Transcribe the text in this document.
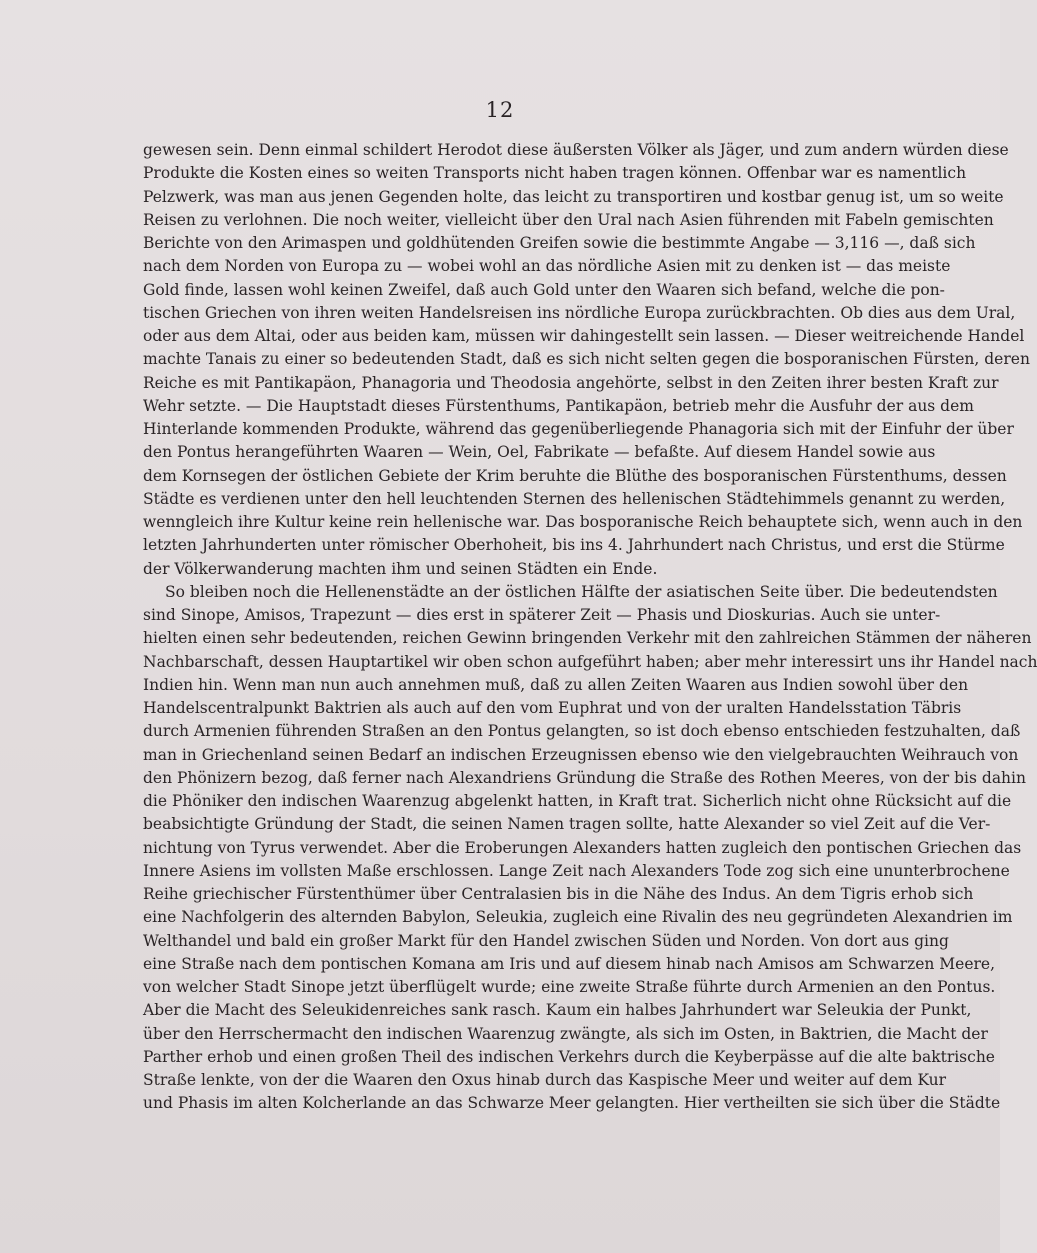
12
gewesen sein. Denn einmal schildert Herodot diese äußersten Völker als Jäger, und zum andern würden diese
Produkte die Kosten eines so weiten Transports nicht haben tragen können. Offenbar war es namentlich
Pelzwerk, was man aus jenen Gegenden holte, das leicht zu transportiren und kostbar genug ist, um so weite
Reisen zu verlohnen. Die noch weiter, vielleicht über den Ural nach Asien führenden mit Fabeln gemischten
Berichte von den Arimaspen und goldhütenden Greifen sowie die bestimmte Angabe — 3,116 —, daß sich
nach dem Norden von Europa zu — wobei wohl an das nördliche Asien mit zu denken ist — das meiste
Gold finde, lassen wohl keinen Zweifel, daß auch Gold unter den Waaren sich befand, welche die pon-
tischen Griechen von ihren weiten Handelsreisen ins nördliche Europa zurückbrachten. Ob dies aus dem Ural,
oder aus dem Altai, oder aus beiden kam, müssen wir dahingestellt sein lassen. — Dieser weitreichende Handel
machte Tanais zu einer so bedeutenden Stadt, daß es sich nicht selten gegen die bosporanischen Fürsten, deren
Reiche es mit Pantikapäon, Phanagoria und Theodosia angehörte, selbst in den Zeiten ihrer besten Kraft zur
Wehr setzte. — Die Hauptstadt dieses Fürstenthums, Pantikapäon, betrieb mehr die Ausfuhr der aus dem
Hinterlande kommenden Produkte, während das gegenüberliegende Phanagoria sich mit der Einfuhr der über
den Pontus herangeführten Waaren — Wein, Oel, Fabrikate — befaßte. Auf diesem Handel sowie aus
dem Kornsegen der östlichen Gebiete der Krim beruhte die Blüthe des bosporanischen Fürstenthums, dessen
Städte es verdienen unter den hell leuchtenden Sternen des hellenischen Städtehimmels genannt zu werden,
wenngleich ihre Kultur keine rein hellenische war. Das bosporanische Reich behauptete sich, wenn auch in den
letzten Jahrhunderten unter römischer Oberhoheit, bis ins 4. Jahrhundert nach Christus, und erst die Stürme
der Völkerwanderung machten ihm und seinen Städten ein Ende.
So bleiben noch die Hellenenstädte an der östlichen Hälfte der asiatischen Seite über. Die bedeutendsten
sind Sinope, Amisos, Trapezunt — dies erst in späterer Zeit — Phasis und Dioskurias. Auch sie unter-
hielten einen sehr bedeutenden, reichen Gewinn bringenden Verkehr mit den zahlreichen Stämmen der näheren
Nachbarschaft, dessen Hauptartikel wir oben schon aufgeführt haben; aber mehr interessirt uns ihr Handel nach
Indien hin. Wenn man nun auch annehmen muß, daß zu allen Zeiten Waaren aus Indien sowohl über den
Handelscentralpunkt Baktrien als auch auf den vom Euphrat und von der uralten Handelsstation Täbris
durch Armenien führenden Straßen an den Pontus gelangten, so ist doch ebenso entschieden festzuhalten, daß
man in Griechenland seinen Bedarf an indischen Erzeugnissen ebenso wie den vielgebrauchten Weihrauch von
den Phönizern bezog, daß ferner nach Alexandriens Gründung die Straße des Rothen Meeres, von der bis dahin
die Phöniker den indischen Waarenzug abgelenkt hatten, in Kraft trat. Sicherlich nicht ohne Rücksicht auf die
beabsichtigte Gründung der Stadt, die seinen Namen tragen sollte, hatte Alexander so viel Zeit auf die Ver-
nichtung von Tyrus verwendet. Aber die Eroberungen Alexanders hatten zugleich den pontischen Griechen das
Innere Asiens im vollsten Maße erschlossen. Lange Zeit nach Alexanders Tode zog sich eine ununterbrochene
Reihe griechischer Fürstenthümer über Centralasien bis in die Nähe des Indus. An dem Tigris erhob sich
eine Nachfolgerin des alternden Babylon, Seleukia, zugleich eine Rivalin des neu gegründeten Alexandrien im
Welthandel und bald ein großer Markt für den Handel zwischen Süden und Norden. Von dort aus ging
eine Straße nach dem pontischen Komana am Iris und auf diesem hinab nach Amisos am Schwarzen Meere,
von welcher Stadt Sinope jetzt überflügelt wurde; eine zweite Straße führte durch Armenien an den Pontus.
Aber die Macht des Seleukidenreiches sank rasch. Kaum ein halbes Jahrhundert war Seleukia der Punkt,
über den Herrschermacht den indischen Waarenzug zwängte, als sich im Osten, in Baktrien, die Macht der
Parther erhob und einen großen Theil des indischen Verkehrs durch die Keyberpässe auf die alte baktrische
Straße lenkte, von der die Waaren den Oxus hinab durch das Kaspische Meer und weiter auf dem Kur
und Phasis im alten Kolcherlande an das Schwarze Meer gelangten. Hier vertheilten sie sich über die Städte
